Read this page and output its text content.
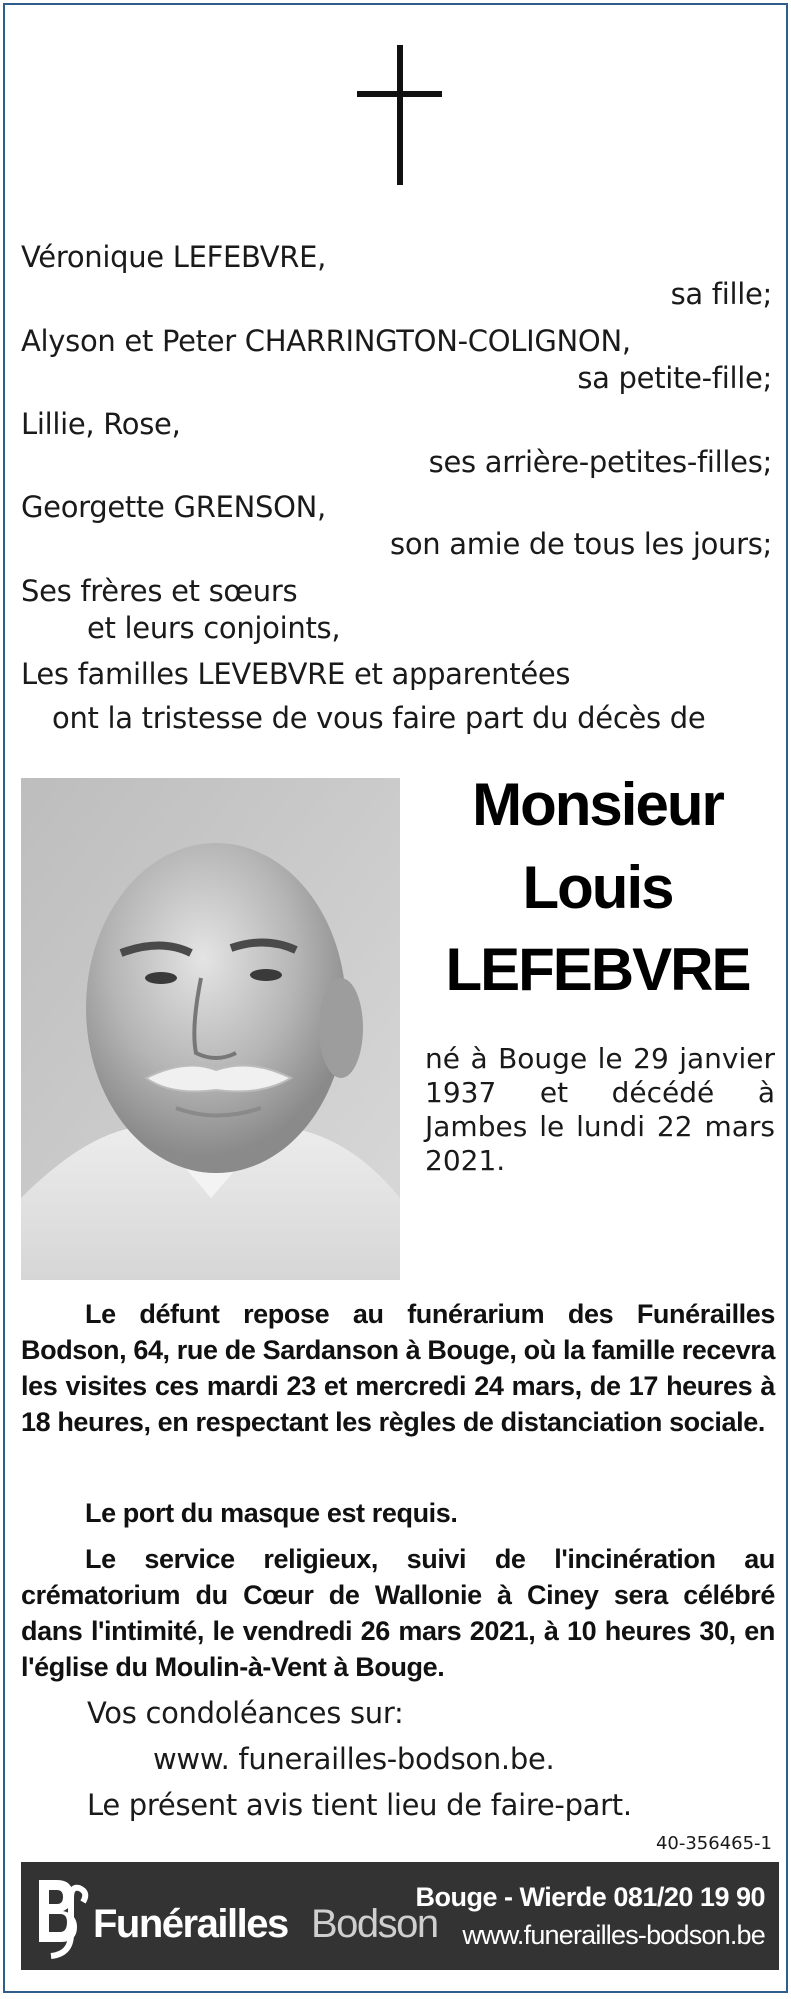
Véronique LEFEBVRE,
sa fille;
Alyson et Peter CHARRINGTON-COLIGNON,
sa petite-fille;
Lillie, Rose,
ses arrière-petites-filles;
Georgette GRENSON,
son amie de tous les jours;
Ses frères et sœurs
et leurs conjoints,
Les familles LEVEBVRE et apparentées
ont la tristesse de vous faire part du décès de
Monsieur
Louis
LEFEBVRE
né à Bouge le 29 janvier 1937 et décédé à Jambes le lundi 22 mars 2021.
Le défunt repose au funérarium des Funérailles Bodson, 64, rue de Sardanson à Bouge, où la famille recevra les visites ces mardi 23 et mercredi 24 mars, de 17 heures à 18 heures, en respectant les règles de distanciation sociale.
Le port du masque est requis.
Le service religieux, suivi de l'incinération au crématorium du Cœur de Wallonie à Ciney sera célébré dans l'intimité, le vendredi 26 mars 2021, à 10 heures 30, en l'église du Moulin-à-Vent à Bouge.
Vos condoléances sur:
www. funerailles-bodson.be.
Le présent avis tient lieu de faire-part.
40-356465-1
Funérailles Bodson
Bouge - Wierde 081/20 19 90
www.funerailles-bodson.be
